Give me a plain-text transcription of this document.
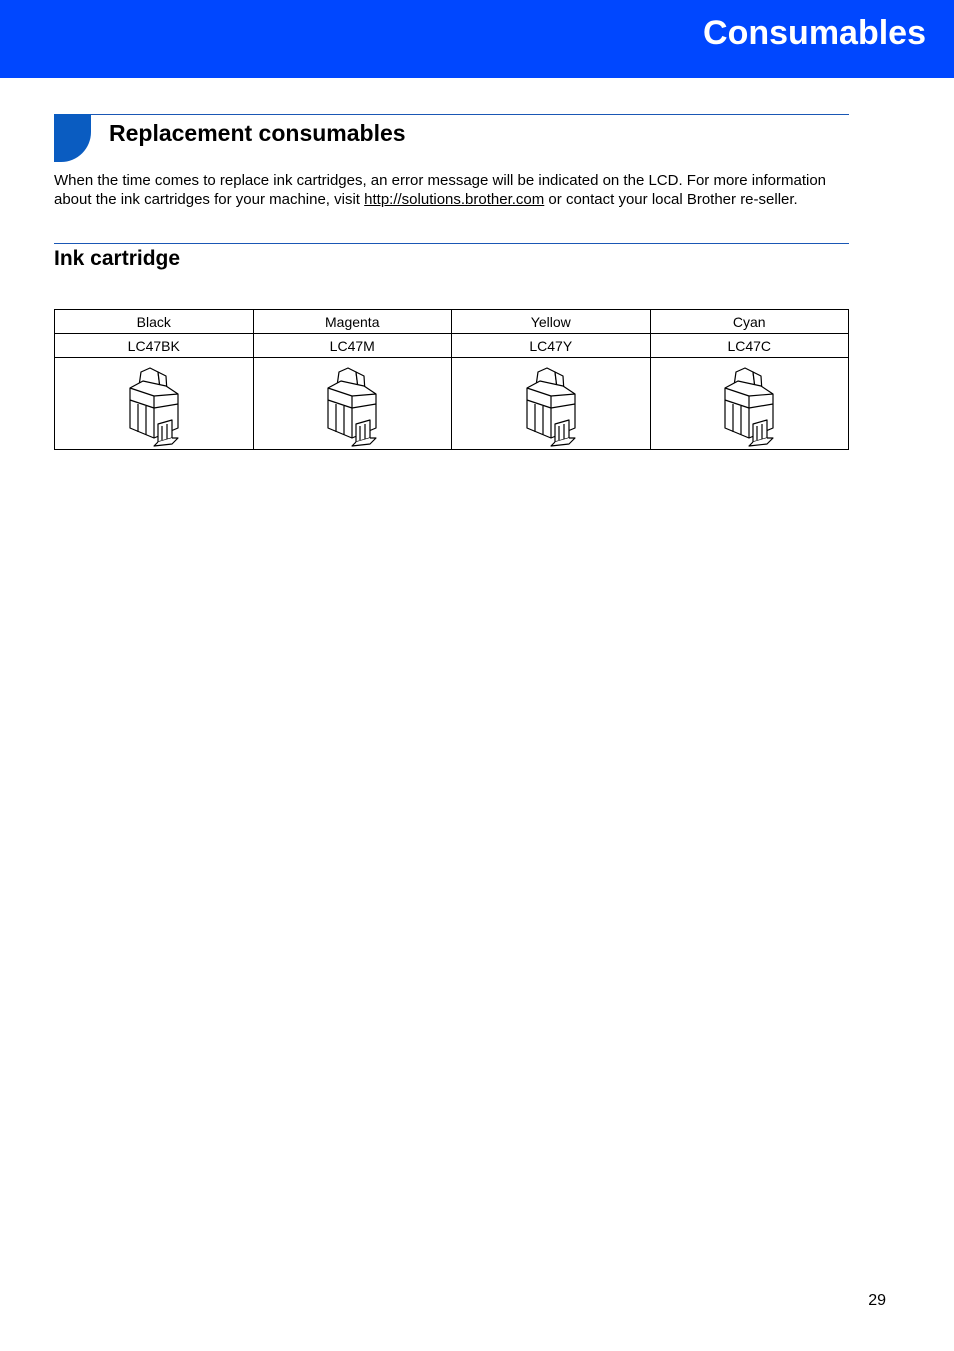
Consumables
Replacement consumables
When the time comes to replace ink cartridges, an error message will be indicated on the LCD. For more information about the ink cartridges for your machine, visit http://solutions.brother.com or contact your local Brother re-seller.
Ink cartridge
Black	Magenta	Yellow	Cyan
LC47BK	LC47M	LC47Y	LC47C

29
